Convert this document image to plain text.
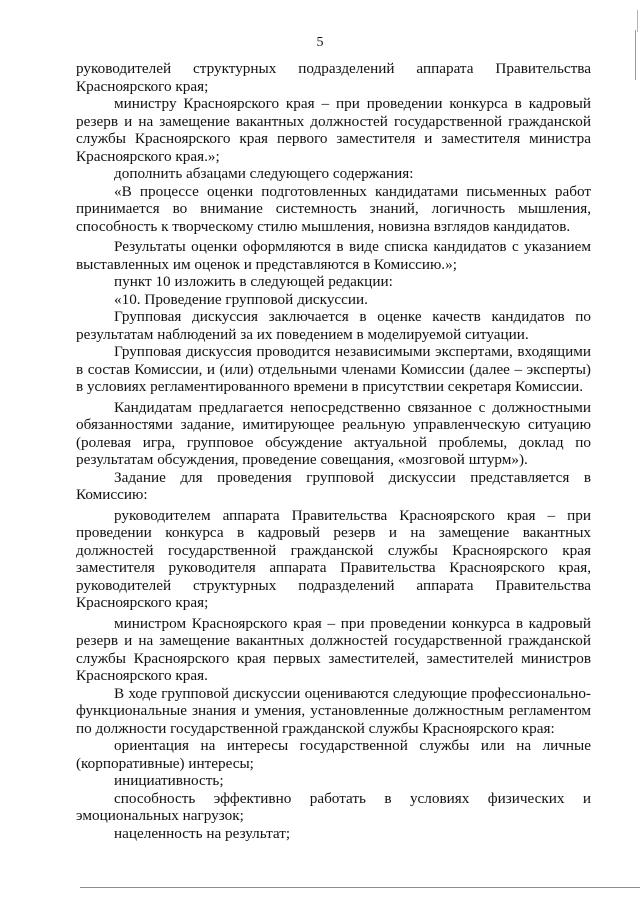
5

руководителей структурных подразделений аппарата Правительства Красноярского края;

министру Красноярского края – при проведении конкурса в кадровый резерв и на замещение вакантных должностей государственной гражданской службы Красноярского края первого заместителя и заместителя министра Красноярского края.»;

дополнить абзацами следующего содержания:

«В процессе оценки подготовленных кандидатами письменных работ принимается во внимание системность знаний, логичность мышления, способность к творческому стилю мышления, новизна взглядов кандидатов.

Результаты оценки оформляются в виде списка кандидатов с указанием выставленных им оценок и представляются в Комиссию.»;

пункт 10 изложить в следующей редакции:

«10. Проведение групповой дискуссии.

Групповая дискуссия заключается в оценке качеств кандидатов по результатам наблюдений за их поведением в моделируемой ситуации.

Групповая дискуссия проводится независимыми экспертами, входящими в состав Комиссии, и (или) отдельными членами Комиссии (далее – эксперты) в условиях регламентированного времени в присутствии секретаря Комиссии.

Кандидатам предлагается непосредственно связанное с должностными обязанностями задание, имитирующее реальную управленческую ситуацию (ролевая игра, групповое обсуждение актуальной проблемы, доклад по результатам обсуждения, проведение совещания, «мозговой штурм»).

Задание для проведения групповой дискуссии представляется в Комиссию:

руководителем аппарата Правительства Красноярского края – при проведении конкурса в кадровый резерв и на замещение вакантных должностей государственной гражданской службы Красноярского края заместителя руководителя аппарата Правительства Красноярского края, руководителей структурных подразделений аппарата Правительства Красноярского края;

министром Красноярского края – при проведении конкурса в кадровый резерв и на замещение вакантных должностей государственной гражданской службы Красноярского края первых заместителей, заместителей министров Красноярского края.

В ходе групповой дискуссии оцениваются следующие профессионально-функциональные знания и умения, установленные должностным регламентом по должности государственной гражданской службы Красноярского края:

ориентация на интересы государственной службы или на личные (корпоративные) интересы;

инициативность;

способность эффективно работать в условиях физических и эмоциональных нагрузок;

нацеленность на результат;
